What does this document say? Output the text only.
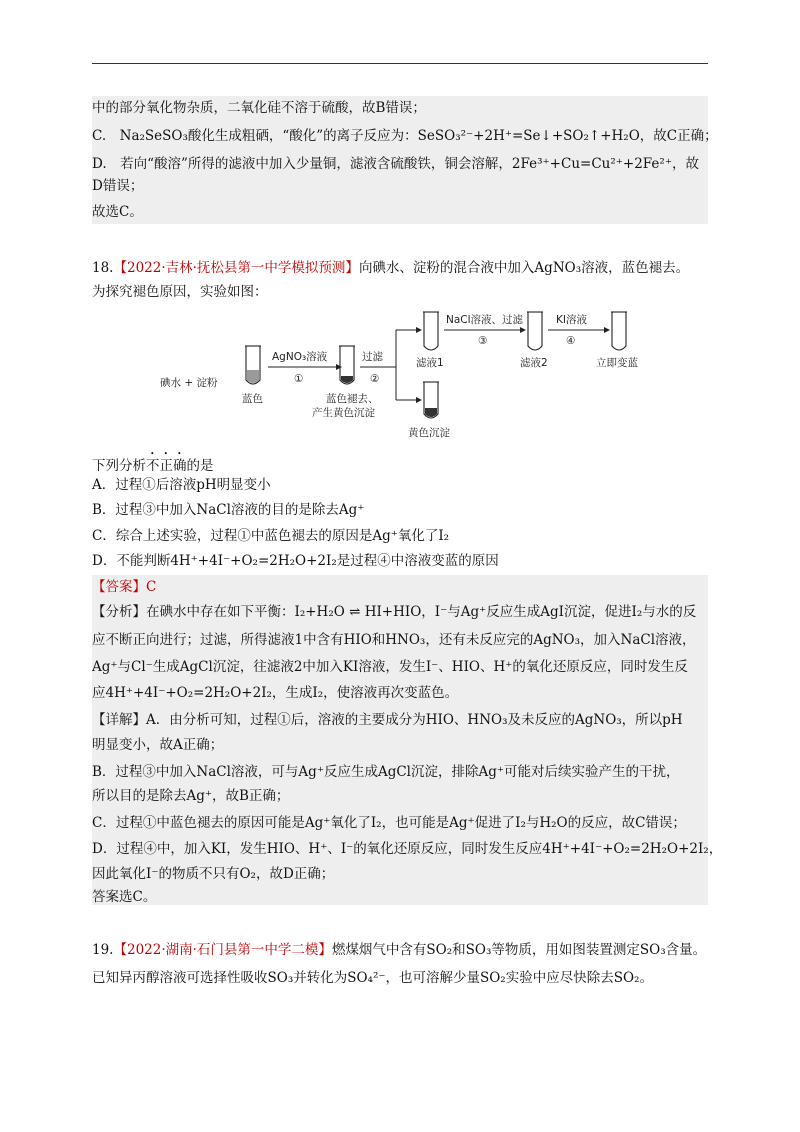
中的部分氧化物杂质，二氧化硅不溶于硫酸，故B错误；
C.　Na₂SeSO₃酸化生成粗硒，“酸化”的离子反应为：SeSO₃²⁻+2H⁺=Se↓+SO₂↑+H₂O，故C正确；
D.　若向“酸溶”所得的滤液中加入少量铜，滤液含硫酸铁，铜会溶解，2Fe³⁺+Cu=Cu²⁺+2Fe²⁺，故
D错误；
故选C。
18.【2022·吉林·抚松县第一中学模拟预测】向碘水、淀粉的混合液中加入AgNO₃溶液，蓝色褪去。
为探究褪色原因，实验如图：
碘水 + 淀粉
蓝色
AgNO₃溶液
①
蓝色褪去、
产生黄色沉淀
过滤
②
滤液1
黄色沉淀
NaCl溶液、过滤
③
滤液2
KI溶液
④
立即变蓝
下列分析不正确的是
A．过程①后溶液pH明显变小
B．过程③中加入NaCl溶液的目的是除去Ag⁺
C．综合上述实验，过程①中蓝色褪去的原因是Ag⁺氧化了I₂
D．不能判断4H⁺+4I⁻+O₂=2H₂O+2I₂是过程④中溶液变蓝的原因
【答案】C
【分析】在碘水中存在如下平衡：I₂+H₂O ⇌ HI+HIO，I⁻与Ag⁺反应生成AgI沉淀，促进I₂与水的反
应不断正向进行；过滤，所得滤液1中含有HIO和HNO₃，还有未反应完的AgNO₃，加入NaCl溶液，
Ag⁺与Cl⁻生成AgCl沉淀，往滤液2中加入KI溶液，发生I⁻、HIO、H⁺的氧化还原反应，同时发生反
应4H⁺+4I⁻+O₂=2H₂O+2I₂，生成I₂，使溶液再次变蓝色。
【详解】A．由分析可知，过程①后，溶液的主要成分为HIO、HNO₃及未反应的AgNO₃，所以pH
明显变小，故A正确；
B．过程③中加入NaCl溶液，可与Ag⁺反应生成AgCl沉淀，排除Ag⁺可能对后续实验产生的干扰，
所以目的是除去Ag⁺，故B正确；
C．过程①中蓝色褪去的原因可能是Ag⁺氧化了I₂，也可能是Ag⁺促进了I₂与H₂O的反应，故C错误；
D．过程④中，加入KI，发生HIO、H⁺、I⁻的氧化还原反应，同时发生反应4H⁺+4I⁻+O₂=2H₂O+2I₂，
因此氧化I⁻的物质不只有O₂，故D正确；
答案选C。
19.【2022·湖南·石门县第一中学二模】燃煤烟气中含有SO₂和SO₃等物质，用如图装置测定SO₃含量。
已知异丙醇溶液可选择性吸收SO₃并转化为SO₄²⁻，也可溶解少量SO₂实验中应尽快除去SO₂。
